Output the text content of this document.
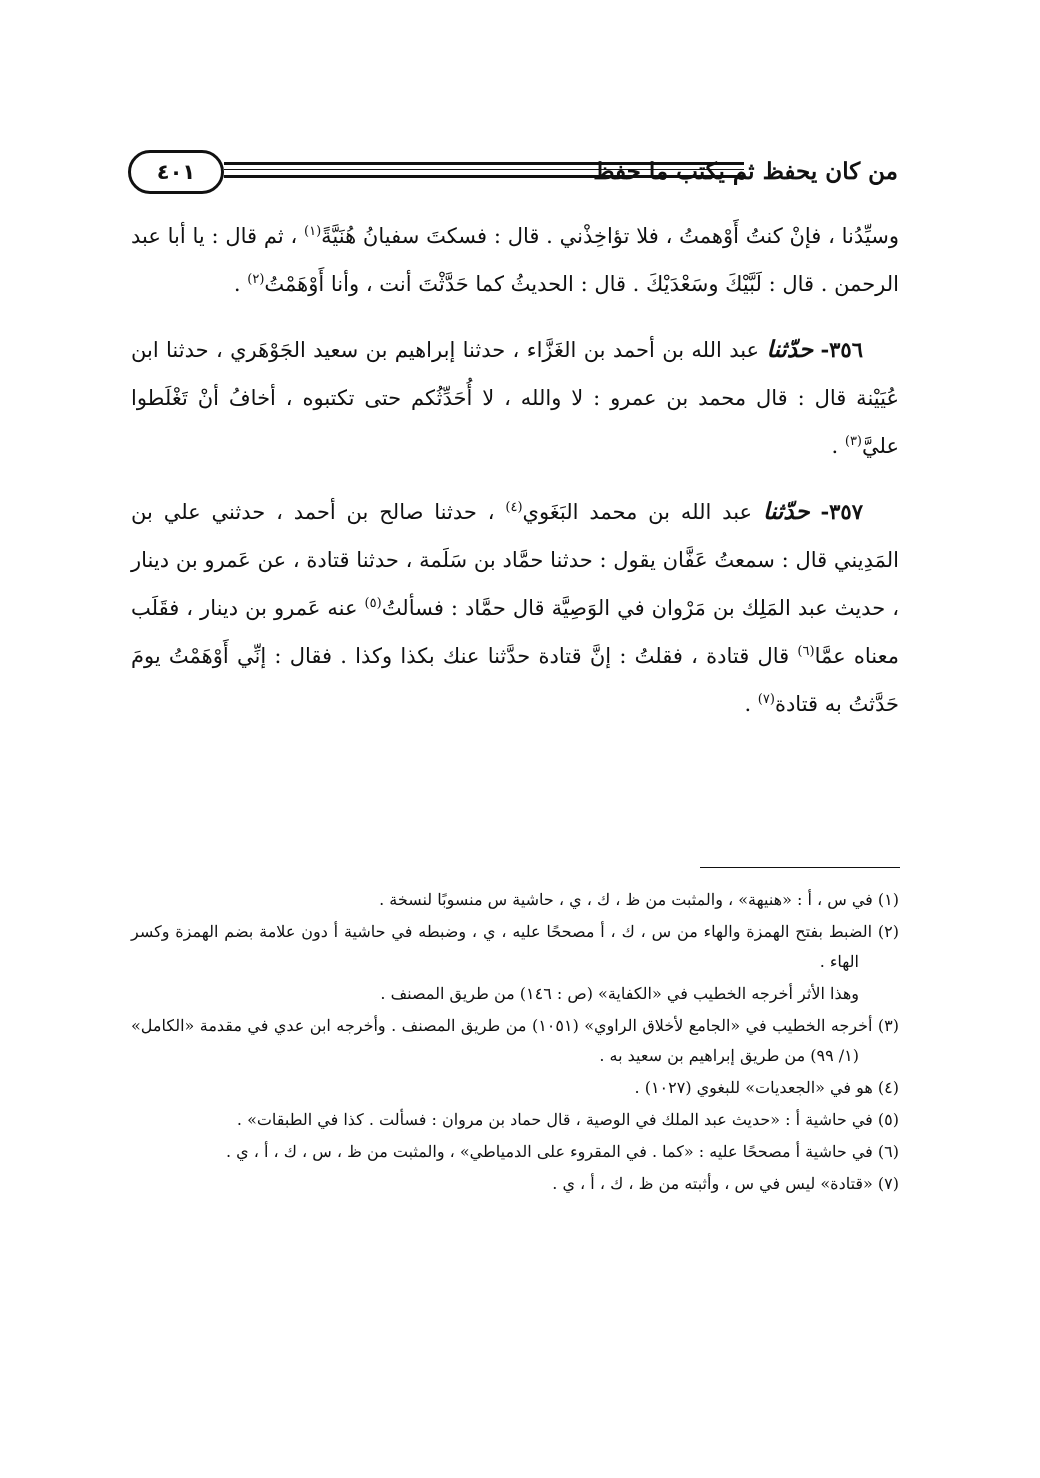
٤٠١	من كان يحفظ ثم يكتب ما حفظ

وسيِّدُنا ، فإنْ كنتُ أَوْهمتُ ، فلا تؤاخِذْني . قال : فسكتَ سفيانُ هُنَيَّةً$^{(١)}$ ، ثم قال : يا أبا عبد الرحمن . قال : لَبَّيْكَ وسَعْدَيْكَ . قال : الحديثُ كما حَدَّثْتَ أنت ، وأنا أَوْهَمْتُ$^{(٢)}$ .

٣٥٦- حدّثنا عبد الله بن أحمد بن الغَزَّاء ، حدثنا إبراهيم بن سعيد الجَوْهَري ، حدثنا ابن عُيَيْنة قال : قال محمد بن عمرو : لا والله ، لا أُحَدِّثُكم حتى تكتبوه ، أخافُ أنْ تَغْلَطوا عليَّ$^{(٣)}$ .

٣٥٧- حدّثنا عبد الله بن محمد البَغَوي$^{(٤)}$ ، حدثنا صالح بن أحمد ، حدثني علي بن المَدِيني قال : سمعتُ عَفَّان يقول : حدثنا حمَّاد بن سَلَمة ، حدثنا قتادة ، عن عَمرو بن دينار ، حديث عبد المَلِك بن مَرْوان في الوَصِيَّة قال حمَّاد : فسألتُ$^{(٥)}$ عنه عَمرو بن دينار ، فقَلَب معناه عمَّا$^{(٦)}$ قال قتادة ، فقلتُ : إنَّ قتادة حدَّثنا عنك بكذا وكذا . فقال : إنِّي أَوْهَمْتُ يومَ حَدَّثتُ به قتادة$^{(٧)}$ .

(١) في س ، أ : «هنيهة» ، والمثبت من ظ ، ك ، ي ، حاشية س منسوبًا لنسخة .

(٢) الضبط بفتح الهمزة والهاء من س ، ك ، أ مصححًا عليه ، ي ، وضبطه في حاشية أ دون علامة بضم الهمزة وكسر الهاء .

وهذا الأثر أخرجه الخطيب في «الكفاية» (ص : ١٤٦) من طريق المصنف .

(٣) أخرجه الخطيب في «الجامع لأخلاق الراوي» (١٠٥١) من طريق المصنف . وأخرجه ابن عدي في مقدمة «الكامل» (١/ ٩٩) من طريق إبراهيم بن سعيد به .

(٤) هو في «الجعديات» للبغوي (١٠٢٧) .

(٥) في حاشية أ : «حديث عبد الملك في الوصية ، قال حماد بن مروان : فسألت . كذا في الطبقات» .

(٦) في حاشية أ مصححًا عليه : «كما . في المقروء على الدمياطي» ، والمثبت من ظ ، س ، ك ، أ ، ي .

(٧) «قتادة» ليس في س ، وأثبته من ظ ، ك ، أ ، ي .
